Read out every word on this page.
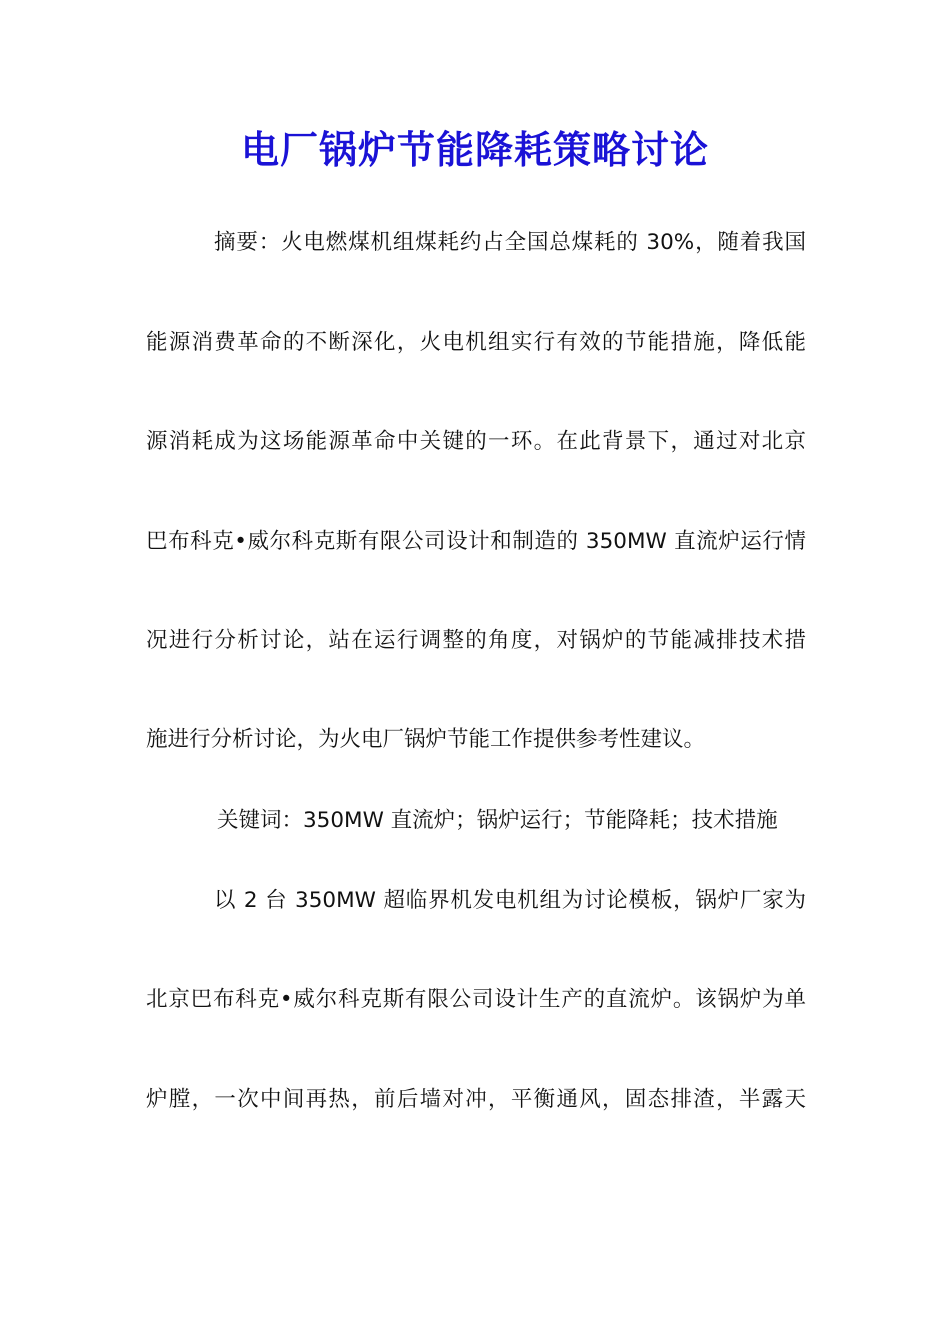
电厂锅炉节能降耗策略讨论
摘要：火电燃煤机组煤耗约占全国总煤耗的 30%，随着我国
能源消费革命的不断深化，火电机组实行有效的节能措施，降低能
源消耗成为这场能源革命中关键的一环。在此背景下，通过对北京
巴布科克•威尔科克斯有限公司设计和制造的 350MW 直流炉运行情
况进行分析讨论，站在运行调整的角度，对锅炉的节能减排技术措
施进行分析讨论，为火电厂锅炉节能工作提供参考性建议。
关键词：350MW 直流炉；锅炉运行；节能降耗；技术措施
以 2 台 350MW 超临界机发电机组为讨论模板，锅炉厂家为
北京巴布科克•威尔科克斯有限公司设计生产的直流炉。该锅炉为单
炉膛，一次中间再热，前后墙对冲，平衡通风，固态排渣，半露天
